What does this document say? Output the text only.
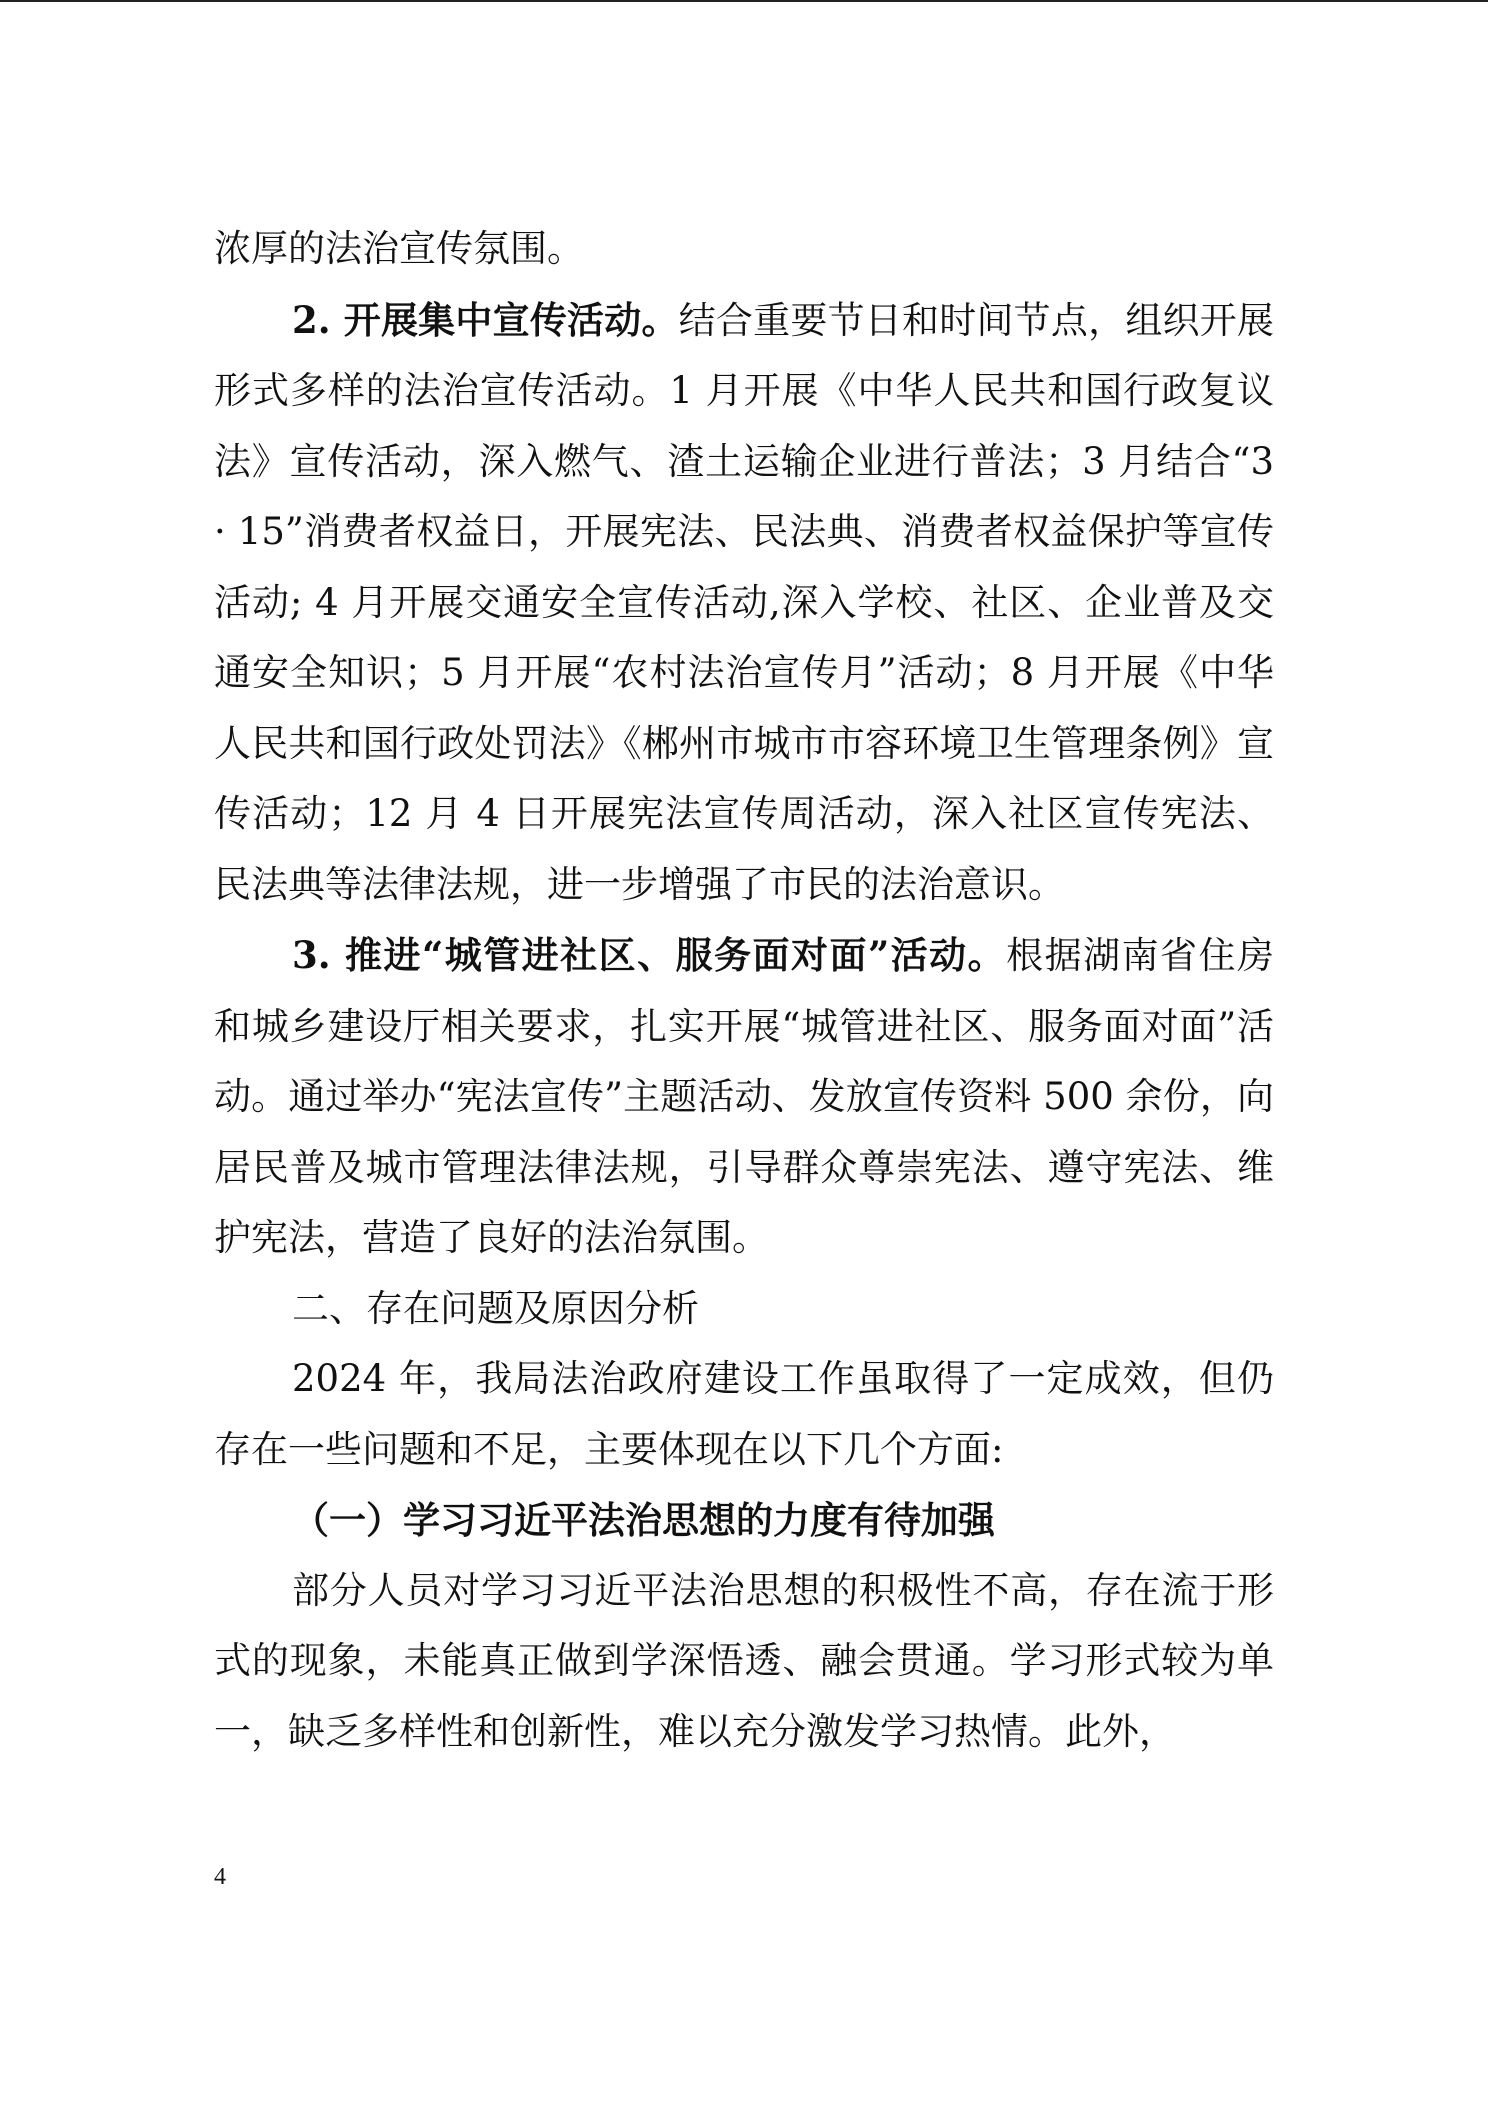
浓厚的法治宣传氛围。

2. 开展集中宣传活动。结合重要节日和时间节点，组织开展形式多样的法治宣传活动。1 月开展《中华人民共和国行政复议法》宣传活动，深入燃气、渣土运输企业进行普法；3 月结合“3 · 15”消费者权益日，开展宪法、民法典、消费者权益保护等宣传活动; 4 月开展交通安全宣传活动,深入学校、社区、企业普及交通安全知识；5 月开展“农村法治宣传月”活动；8 月开展《中华人民共和国行政处罚法》《郴州市城市市容环境卫生管理条例》宣传活动；12 月 4 日开展宪法宣传周活动，深入社区宣传宪法、民法典等法律法规，进一步增强了市民的法治意识。

3. 推进“城管进社区、服务面对面”活动。根据湖南省住房和城乡建设厅相关要求，扎实开展“城管进社区、服务面对面”活动。通过举办“宪法宣传”主题活动、发放宣传资料 500 余份，向居民普及城市管理法律法规，引导群众尊崇宪法、遵守宪法、维护宪法，营造了良好的法治氛围。

二、存在问题及原因分析

2024 年，我局法治政府建设工作虽取得了一定成效，但仍存在一些问题和不足，主要体现在以下几个方面:

（一）学习习近平法治思想的力度有待加强

部分人员对学习习近平法治思想的积极性不高，存在流于形式的现象，未能真正做到学深悟透、融会贯通。学习形式较为单一，缺乏多样性和创新性，难以充分激发学习热情。此外，

4
